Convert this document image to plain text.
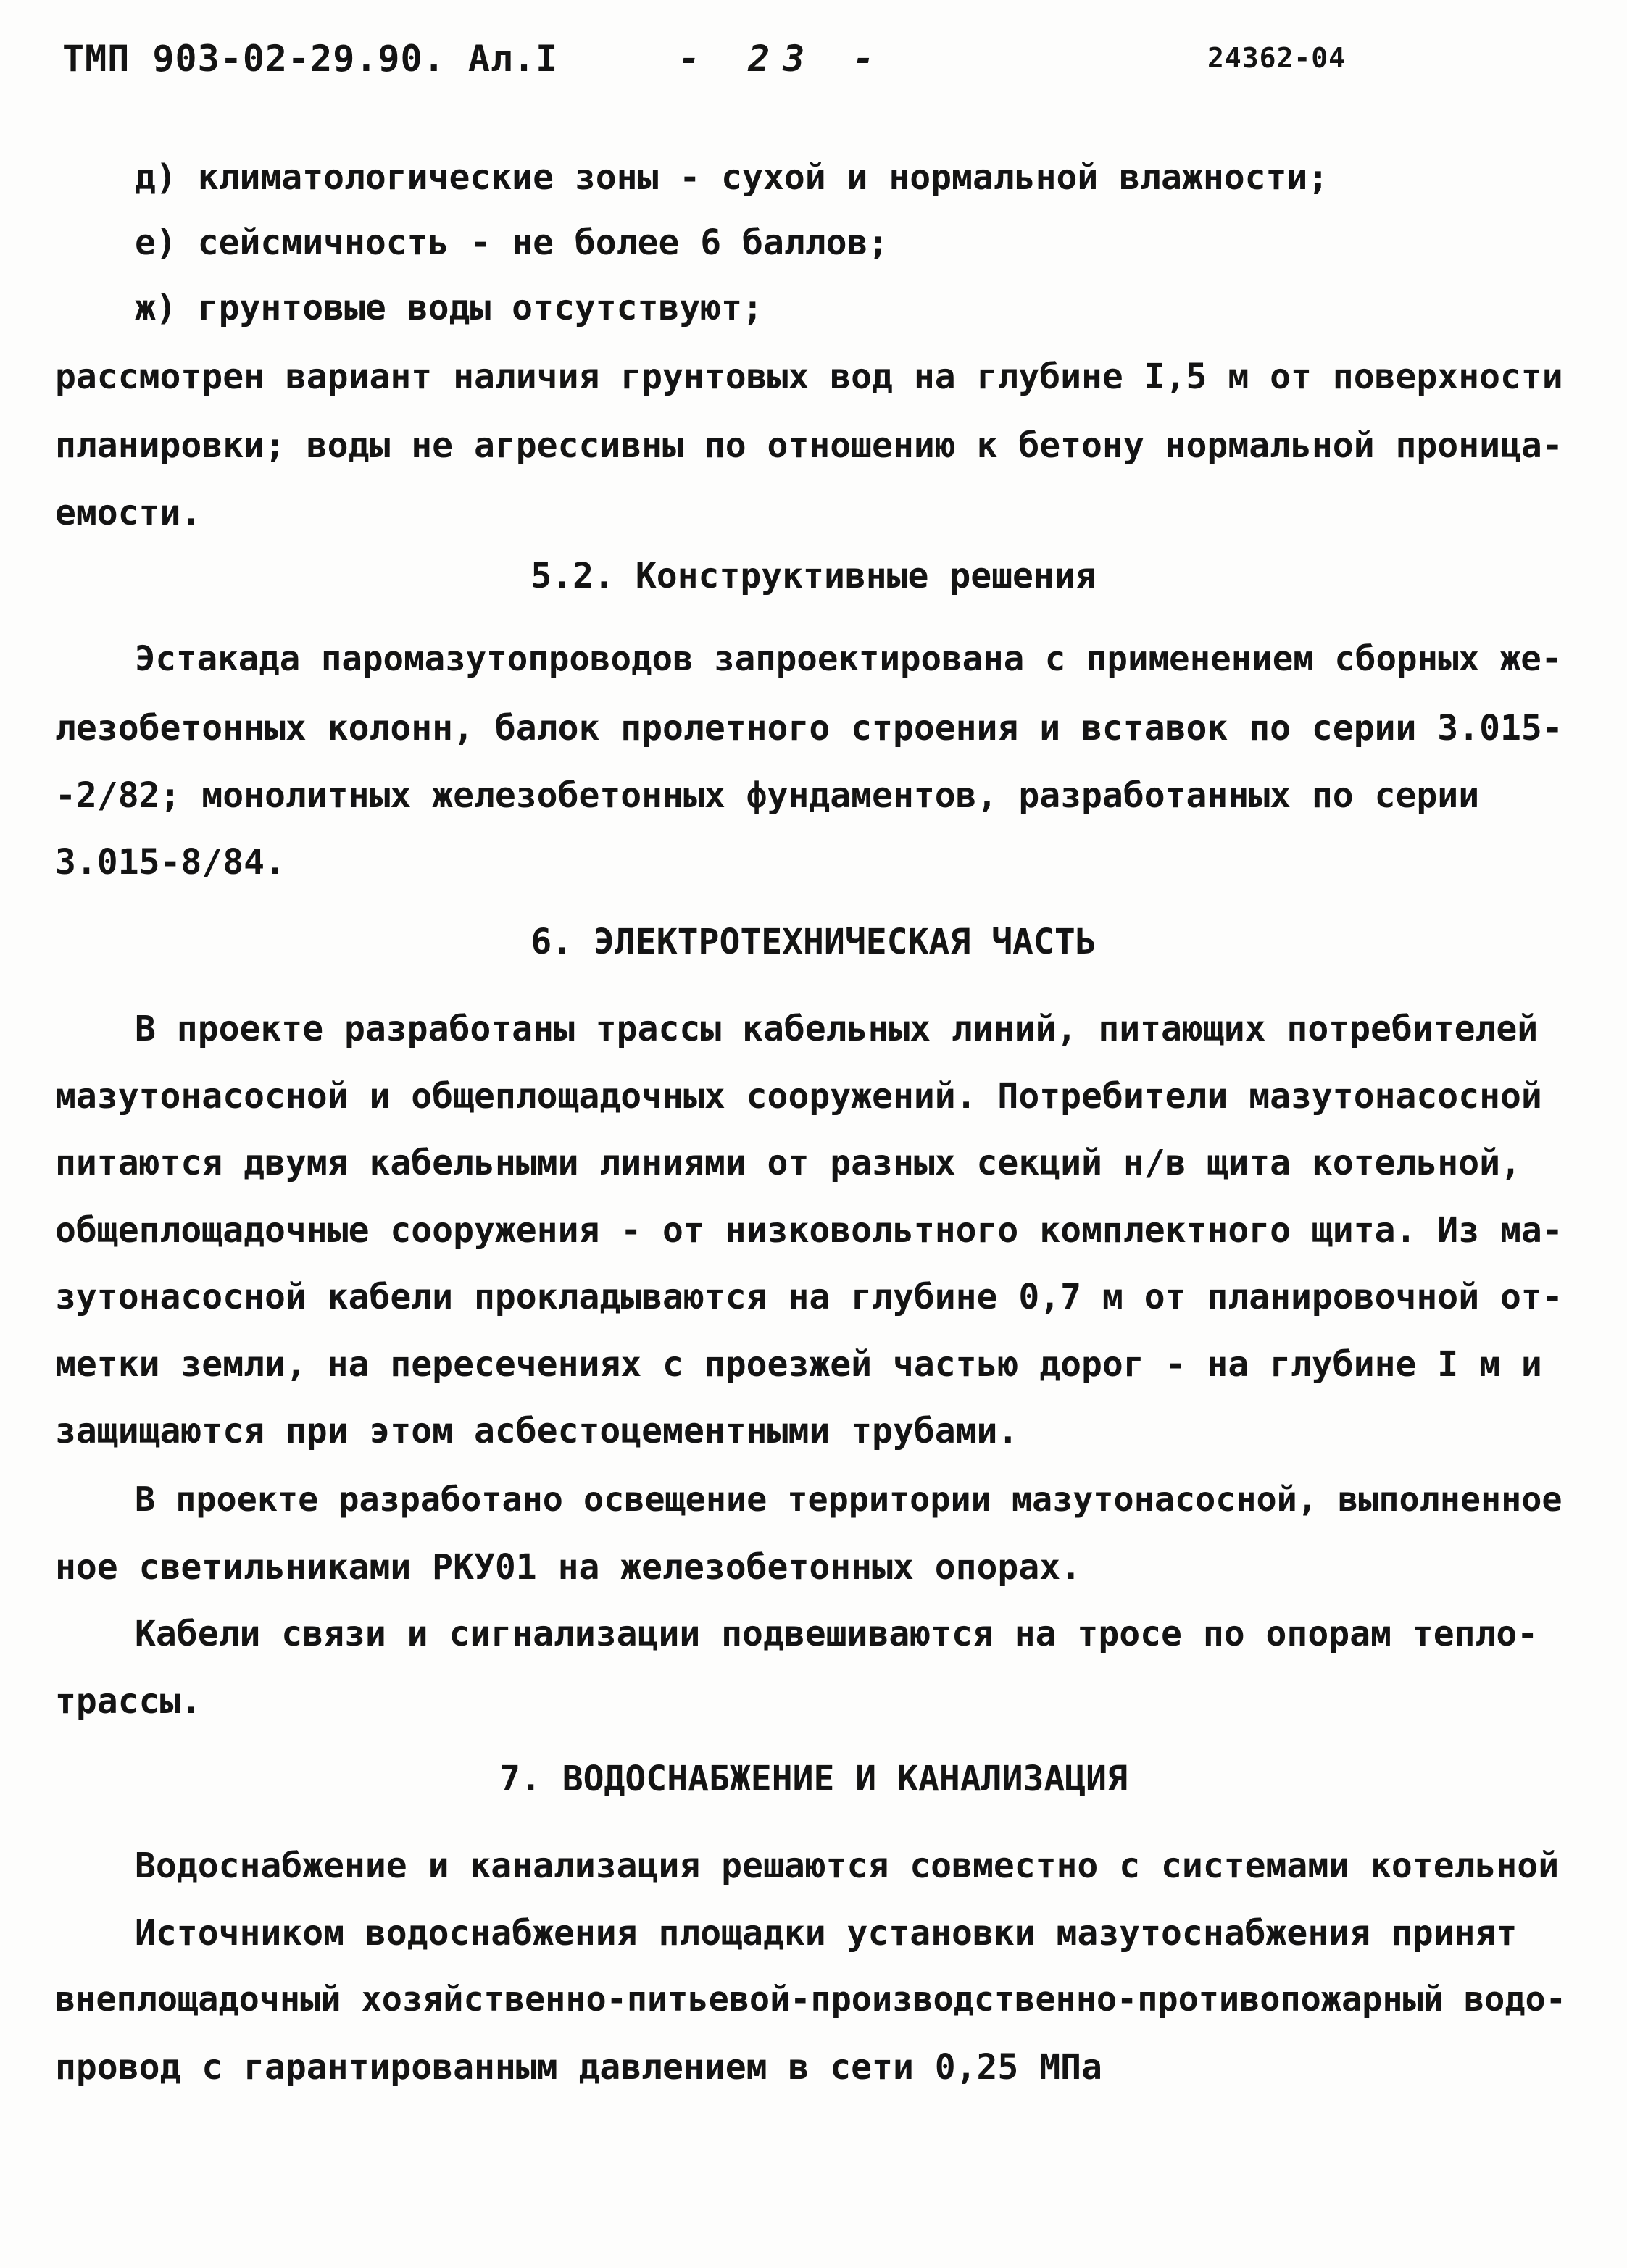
ТМП 903-02-29.90. Ал.I	- 23 -	24362-04
д) климатологические зоны - сухой и нормальной влажности;
е) сейсмичность - не более 6 баллов;
ж) грунтовые воды отсутствуют;
рассмотрен вариант наличия грунтовых вод на глубине I,5 м от поверхности
планировки; воды не агрессивны по отношению к бетону нормальной проница-
емости.
5.2. Конструктивные решения
Эстакада паромазутопроводов запроектирована с применением сборных же-
лезобетонных колонн, балок пролетного строения и вставок по серии 3.015-
-2/82; монолитных железобетонных фундаментов, разработанных по серии
3.015-8/84.
6. ЭЛЕКТРОТЕХНИЧЕСКАЯ ЧАСТЬ
В проекте разработаны трассы кабельных линий, питающих потребителей
мазутонасосной и общеплощадочных сооружений. Потребители мазутонасосной
питаются двумя кабельными линиями от разных секций н/в щита котельной,
общеплощадочные сооружения - от низковольтного комплектного щита. Из ма-
зутонасосной кабели прокладываются на глубине 0,7 м от планировочной от-
метки земли, на пересечениях с проезжей частью дорог - на глубине I м и
защищаются при этом асбестоцементными трубами.
В проекте разработано освещение территории мазутонасосной, выполненное
ное светильниками РКУ01 на железобетонных опорах.
Кабели связи и сигнализации подвешиваются на тросе по опорам тепло-
трассы.
7. ВОДОСНАБЖЕНИЕ И КАНАЛИЗАЦИЯ
Водоснабжение и канализация решаются совместно с системами котельной
Источником водоснабжения площадки установки мазутоснабжения принят
внеплощадочный хозяйственно-питьевой-производственно-противопожарный водо-
провод с гарантированным давлением в сети 0,25 МПа
